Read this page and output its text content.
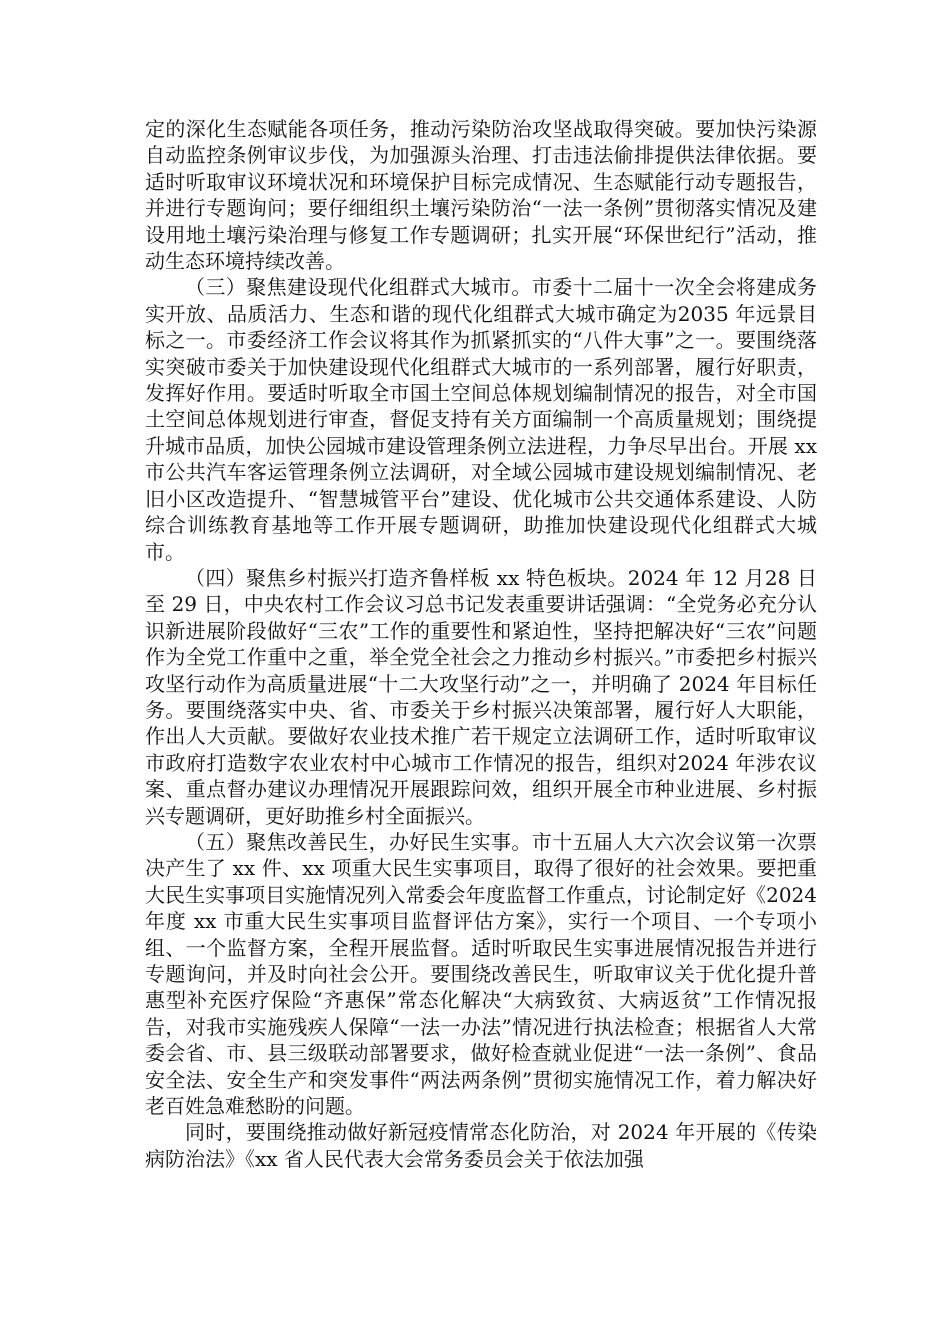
定的深化生态赋能各项任务，推动污染防治攻坚战取得突破。要加快污染源自动监控条例审议步伐，为加强源头治理、打击违法偷排提供法律依据。要适时听取审议环境状况和环境保护目标完成情况、生态赋能行动专题报告，并进行专题询问；要仔细组织土壤污染防治“一法一条例”贯彻落实情况及建设用地土壤污染治理与修复工作专题调研；扎实开展“环保世纪行”活动，推动生态环境持续改善。

（三）聚焦建设现代化组群式大城市。市委十二届十一次全会将建成务实开放、品质活力、生态和谐的现代化组群式大城市确定为2035 年远景目标之一。市委经济工作会议将其作为抓紧抓实的“八件大事”之一。要围绕落实突破市委关于加快建设现代化组群式大城市的一系列部署，履行好职责，发挥好作用。要适时听取全市国土空间总体规划编制情况的报告，对全市国土空间总体规划进行审查，督促支持有关方面编制一个高质量规划；围绕提升城市品质，加快公园城市建设管理条例立法进程，力争尽早出台。开展 xx 市公共汽车客运管理条例立法调研，对全域公园城市建设规划编制情况、老旧小区改造提升、“智慧城管平台”建设、优化城市公共交通体系建设、人防综合训练教育基地等工作开展专题调研，助推加快建设现代化组群式大城市。

（四）聚焦乡村振兴打造齐鲁样板 xx 特色板块。2024 年 12 月28 日至 29 日，中央农村工作会议习总书记发表重要讲话强调：“全党务必充分认识新进展阶段做好“三农”工作的重要性和紧迫性，坚持把解决好“三农”问题作为全党工作重中之重，举全党全社会之力推动乡村振兴。”市委把乡村振兴攻坚行动作为高质量进展“十二大攻坚行动”之一，并明确了 2024 年目标任务。要围绕落实中央、省、市委关于乡村振兴决策部署，履行好人大职能，作出人大贡献。要做好农业技术推广若干规定立法调研工作，适时听取审议市政府打造数字农业农村中心城市工作情况的报告，组织对2024 年涉农议案、重点督办建议办理情况开展跟踪问效，组织开展全市种业进展、乡村振兴专题调研，更好助推乡村全面振兴。

（五）聚焦改善民生，办好民生实事。市十五届人大六次会议第一次票决产生了 xx 件、xx 项重大民生实事项目，取得了很好的社会效果。要把重大民生实事项目实施情况列入常委会年度监督工作重点，讨论制定好《2024 年度 xx 市重大民生实事项目监督评估方案》，实行一个项目、一个专项小组、一个监督方案，全程开展监督。适时听取民生实事进展情况报告并进行专题询问，并及时向社会公开。要围绕改善民生，听取审议关于优化提升普惠型补充医疗保险“齐惠保”常态化解决“大病致贫、大病返贫”工作情况报告，对我市实施残疾人保障“一法一办法”情况进行执法检查；根据省人大常委会省、市、县三级联动部署要求，做好检查就业促进“一法一条例”、食品安全法、安全生产和突发事件“两法两条例”贯彻实施情况工作，着力解决好老百姓急难愁盼的问题。

同时，要围绕推动做好新冠疫情常态化防治，对 2024 年开展的《传染病防治法》《xx 省人民代表大会常务委员会关于依法加强
